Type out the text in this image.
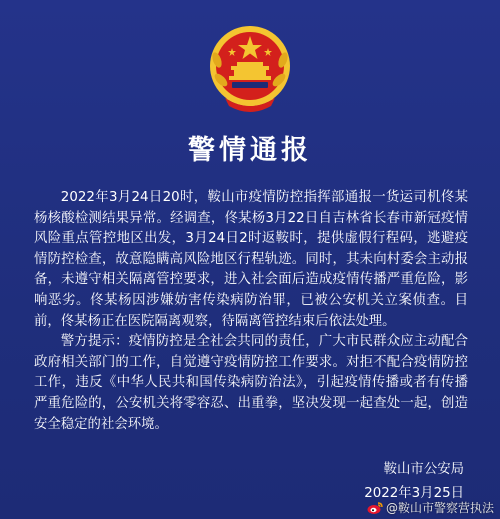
警情通报

2022年3月24日20时，鞍山市疫情防控指挥部通报一货运司机佟某杨核酸检测结果异常。经调查，佟某杨3月22日自吉林省长春市新冠疫情风险重点管控地区出发，3月24日2时返鞍时，提供虚假行程码，逃避疫情防控检查，故意隐瞒高风险地区行程轨迹。同时，其未向村委会主动报备，未遵守相关隔离管控要求，进入社会面后造成疫情传播严重危险，影响恶劣。佟某杨因涉嫌妨害传染病防治罪，已被公安机关立案侦查。目前，佟某杨正在医院隔离观察，待隔离管控结束后依法处理。

警方提示：疫情防控是全社会共同的责任，广大市民群众应主动配合政府相关部门的工作，自觉遵守疫情防控工作要求。对拒不配合疫情防控工作，违反《中华人民共和国传染病防治法》，引起疫情传播或者有传播严重危险的，公安机关将零容忍、出重拳，坚决发现一起查处一起，创造安全稳定的社会环境。

鞍山市公安局
2022年3月25日
@鞍山市警察营执法
